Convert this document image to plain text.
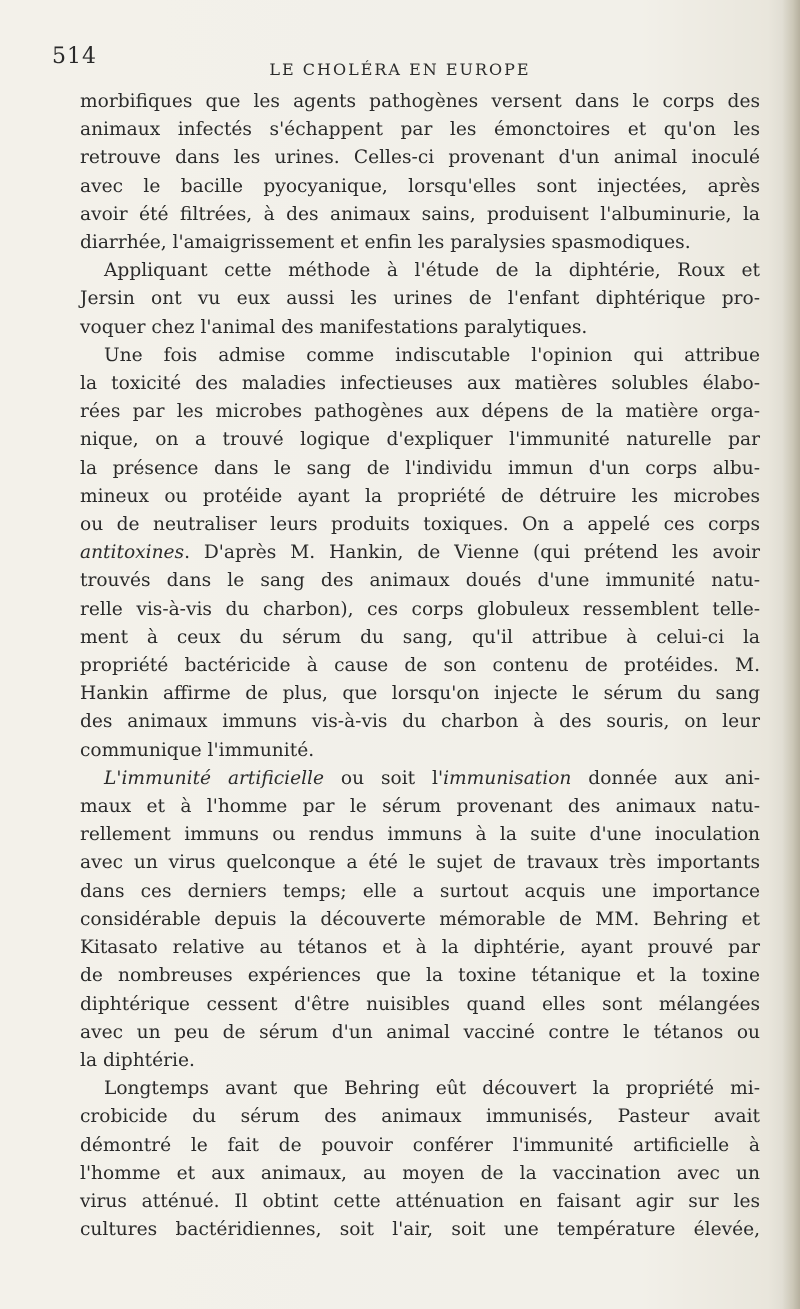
514
LE CHOLÉRA EN EUROPE

morbifiques que les agents pathogènes versent dans le corps des
animaux infectés s'échappent par les émonctoires et qu'on les
retrouve dans les urines. Celles-ci provenant d'un animal inoculé
avec le bacille pyocyanique, lorsqu'elles sont injectées, après
avoir été filtrées, à des animaux sains, produisent l'albuminurie, la
diarrhée, l'amaigrissement et enfin les paralysies spasmodiques.

Appliquant cette méthode à l'étude de la diphtérie, Roux et
Jersin ont vu eux aussi les urines de l'enfant diphtérique pro-
voquer chez l'animal des manifestations paralytiques.

Une fois admise comme indiscutable l'opinion qui attribue
la toxicité des maladies infectieuses aux matières solubles élabo-
rées par les microbes pathogènes aux dépens de la matière orga-
nique, on a trouvé logique d'expliquer l'immunité naturelle par
la présence dans le sang de l'individu immun d'un corps albu-
mineux ou protéide ayant la propriété de détruire les microbes
ou de neutraliser leurs produits toxiques. On a appelé ces corps
antitoxines. D'après M. Hankin, de Vienne (qui prétend les avoir
trouvés dans le sang des animaux doués d'une immunité natu-
relle vis-à-vis du charbon), ces corps globuleux ressemblent telle-
ment à ceux du sérum du sang, qu'il attribue à celui-ci la
propriété bactéricide à cause de son contenu de protéides. M.
Hankin affirme de plus, que lorsqu'on injecte le sérum du sang
des animaux immuns vis-à-vis du charbon à des souris, on leur
communique l'immunité.

L'immunité artificielle ou soit l'immunisation donnée aux ani-
maux et à l'homme par le sérum provenant des animaux natu-
rellement immuns ou rendus immuns à la suite d'une inoculation
avec un virus quelconque a été le sujet de travaux très importants
dans ces derniers temps; elle a surtout acquis une importance
considérable depuis la découverte mémorable de MM. Behring et
Kitasato relative au tétanos et à la diphtérie, ayant prouvé par
de nombreuses expériences que la toxine tétanique et la toxine
diphtérique cessent d'être nuisibles quand elles sont mélangées
avec un peu de sérum d'un animal vacciné contre le tétanos ou
la diphtérie.

Longtemps avant que Behring eût découvert la propriété mi-
crobicide du sérum des animaux immunisés, Pasteur avait
démontré le fait de pouvoir conférer l'immunité artificielle à
l'homme et aux animaux, au moyen de la vaccination avec un
virus atténué. Il obtint cette atténuation en faisant agir sur les
cultures bactéridiennes, soit l'air, soit une température élevée,
